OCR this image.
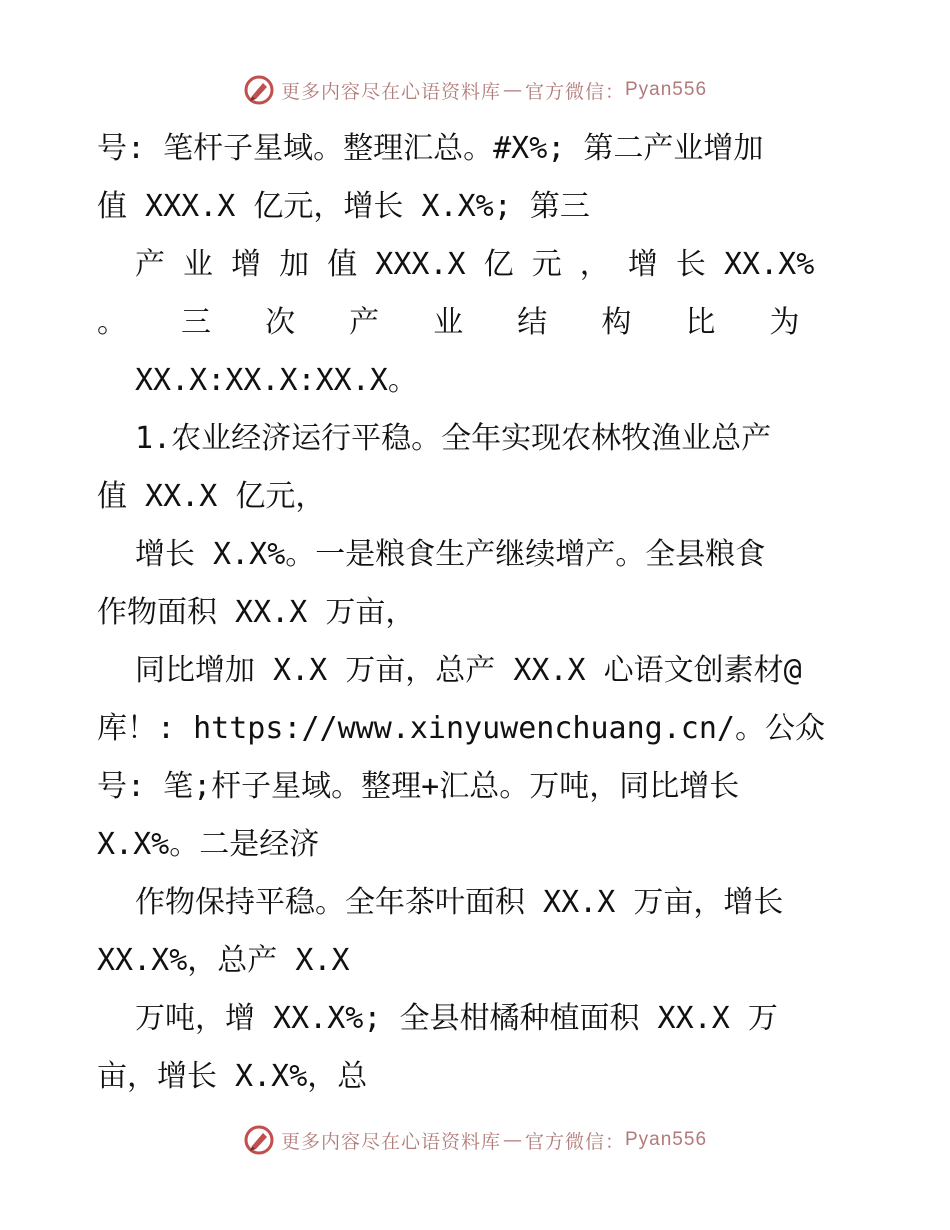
更多内容尽在心语资料库 — 官方微信： Pyan556
号: 笔杆子星域。整理汇总。#X%; 第二产业增加
值 XXX.X 亿元，增长 X.X%; 第三
产 业 增 加 值 XXX.X 亿 元 ， 增 长 XX.X%
。 三 次 产 业 结 构 比 为
XX.X:XX.X:XX.X。
1.农业经济运行平稳。全年实现农林牧渔业总产
值 XX.X 亿元，
增长 X.X%。一是粮食生产继续增产。全县粮食
作物面积 XX.X 万亩，
同比增加 X.X 万亩，总产 XX.X 心语文创素材@
库！: https://www.xinyuwenchuang.cn/。公众
号: 笔;杆子星域。整理+汇总。万吨，同比增长
X.X%。二是经济
作物保持平稳。全年茶叶面积 XX.X 万亩，增长
XX.X%，总产 X.X
万吨，增 XX.X%; 全县柑橘种植面积 XX.X 万
亩，增长 X.X%，总
更多内容尽在心语资料库 — 官方微信： Pyan556
